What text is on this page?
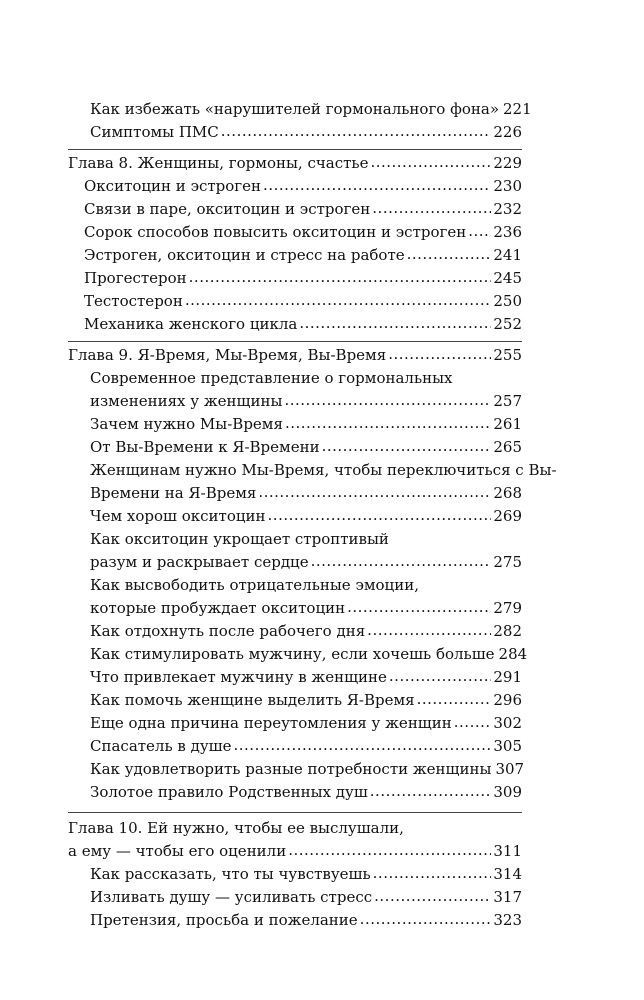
Как избежать «нарушителей гормонального фона» 221
Симптомы ПМС .....	226
Глава 8. Женщины, гормоны, счастье .....	229
Окситоцин и эстроген .....	230
Связи в паре, окситоцин и эстроген .....	232
Сорок способов повысить окситоцин и эстроген ..... 236
Эстроген, окситоцин и стресс на работе .....	241
Прогестерон .....	245
Тестостерон .....	250
Механика женского цикла .....	252
Глава 9. Я-Время, Мы-Время, Вы-Время .....	255
Современное представление о гормональных
изменениях у женщины .....	257
Зачем нужно Мы-Время .....	261
От Вы-Времени к Я-Времени .....	265
Женщинам нужно Мы-Время, чтобы переключиться с Вы-
Времени на Я-Время .....	268
Чем хорош окситоцин .....	269
Как окситоцин укрощает строптивый
разум и раскрывает сердце .....	275
Как высвободить отрицательные эмоции,
которые пробуждает окситоцин .....	279
Как отдохнуть после рабочего дня .....	282
Как стимулировать мужчину, если хочешь больше 284
Что привлекает мужчину в женщине .....	291
Как помочь женщине выделить Я-Время .....	296
Еще одна причина переутомления у женщин .....	302
Спасатель в душе .....	305
Как удовлетворить разные потребности женщины 307
Золотое правило Родственных душ .....	309
Глава 10. Ей нужно, чтобы ее выслушали,
а ему — чтобы его оценили .....	311
Как рассказать, что ты чувствуешь .....	314
Изливать душу — усиливать стресс .....	317
Претензия, просьба и пожелание .....	323
